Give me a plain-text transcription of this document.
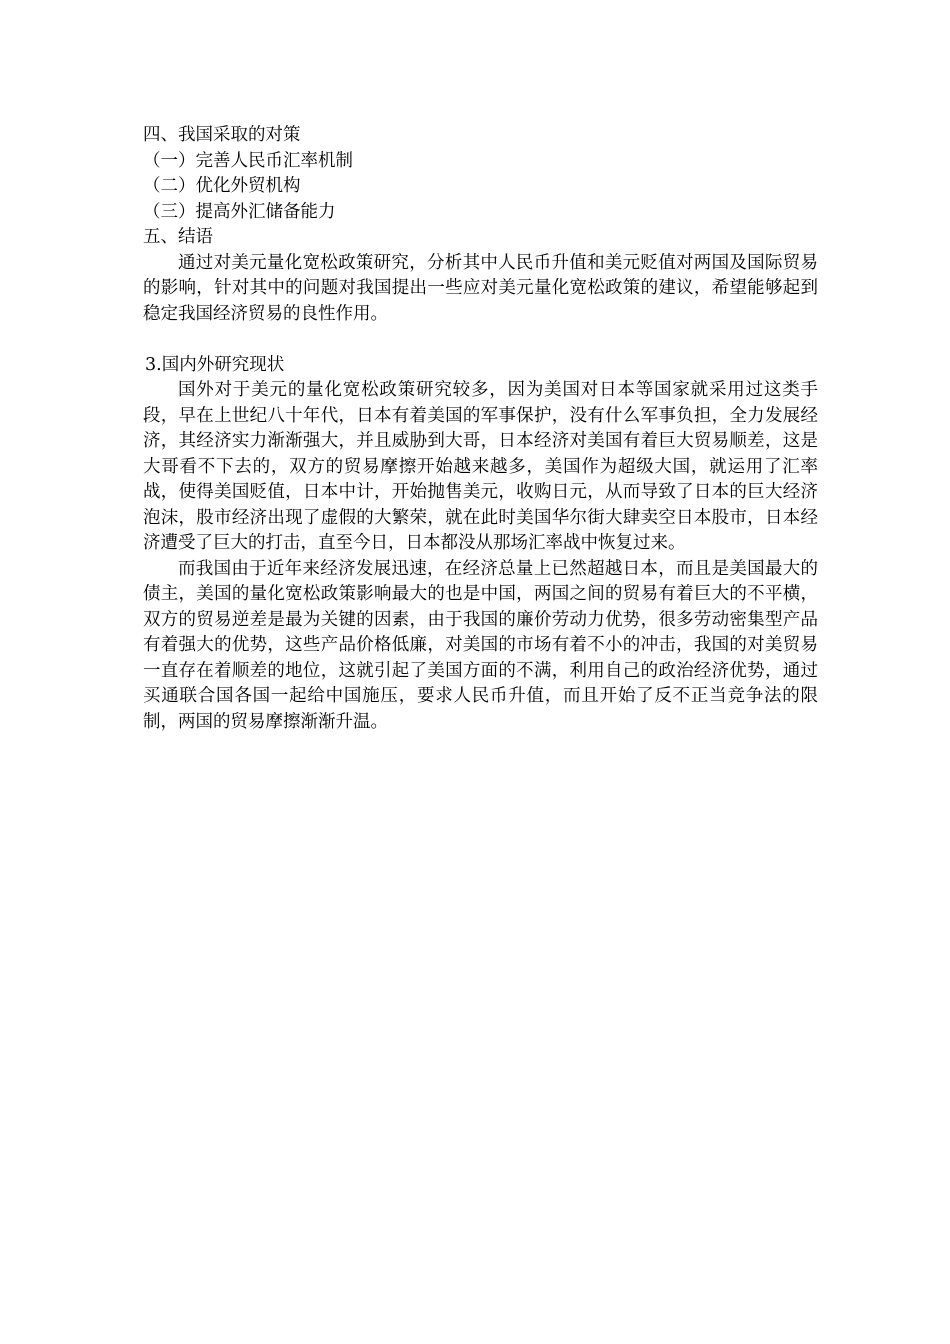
四、我国采取的对策

（一）完善人民币汇率机制

（二）优化外贸机构

（三）提高外汇储备能力

五、结语

通过对美元量化宽松政策研究，分析其中人民币升值和美元贬值对两国及国际贸易的影响，针对其中的问题对我国提出一些应对美元量化宽松政策的建议，希望能够起到稳定我国经济贸易的良性作用。

3.国内外研究现状

国外对于美元的量化宽松政策研究较多，因为美国对日本等国家就采用过这类手段，早在上世纪八十年代，日本有着美国的军事保护，没有什么军事负担，全力发展经济，其经济实力渐渐强大，并且威胁到大哥，日本经济对美国有着巨大贸易顺差，这是大哥看不下去的，双方的贸易摩擦开始越来越多，美国作为超级大国，就运用了汇率战，使得美国贬值，日本中计，开始抛售美元，收购日元，从而导致了日本的巨大经济泡沫，股市经济出现了虚假的大繁荣，就在此时美国华尔街大肆卖空日本股市，日本经济遭受了巨大的打击，直至今日，日本都没从那场汇率战中恢复过来。

而我国由于近年来经济发展迅速，在经济总量上已然超越日本，而且是美国最大的债主，美国的量化宽松政策影响最大的也是中国，两国之间的贸易有着巨大的不平横，双方的贸易逆差是最为关键的因素，由于我国的廉价劳动力优势，很多劳动密集型产品有着强大的优势，这些产品价格低廉，对美国的市场有着不小的冲击，我国的对美贸易一直存在着顺差的地位，这就引起了美国方面的不满，利用自己的政治经济优势，通过买通联合国各国一起给中国施压，要求人民币升值，而且开始了反不正当竞争法的限制，两国的贸易摩擦渐渐升温。
